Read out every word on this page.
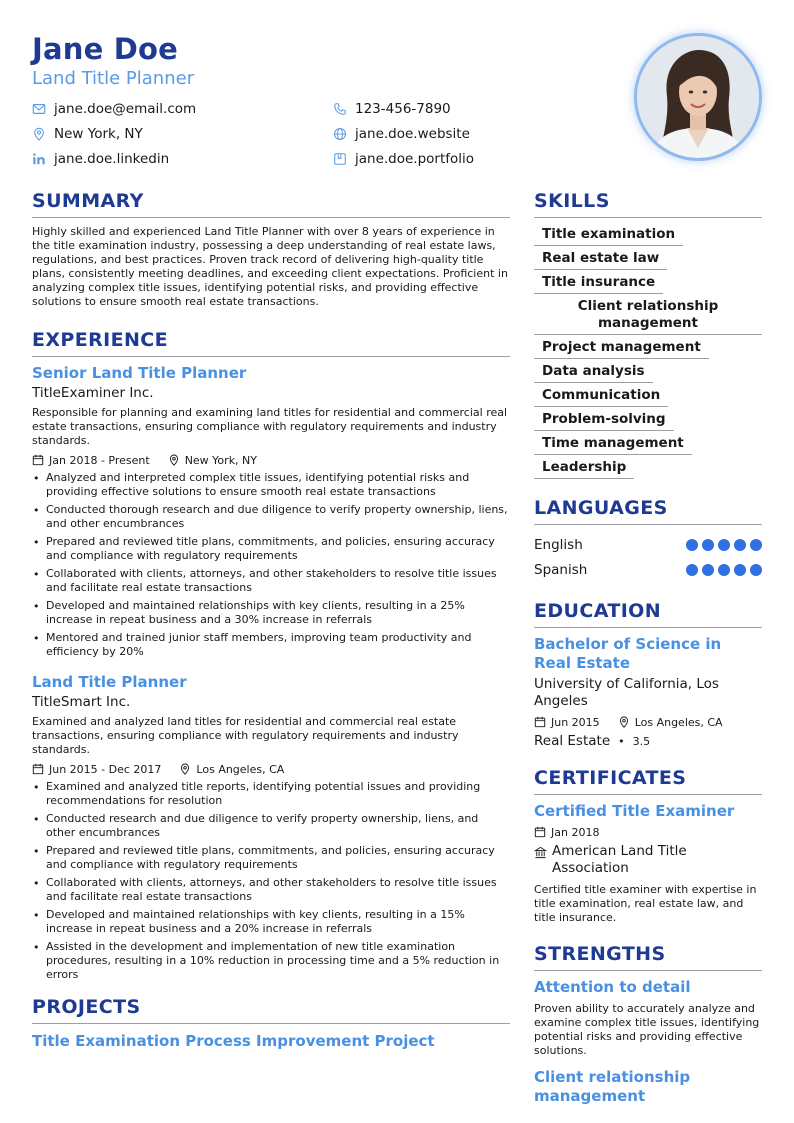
Jane Doe
Land Title Planner
jane.doe@email.com	123-456-7890
New York, NY	jane.doe.website
jane.doe.linkedin	jane.doe.portfolio
SUMMARY
Highly skilled and experienced Land Title Planner with over 8 years of experience in the title examination industry, possessing a deep understanding of real estate laws, regulations, and best practices. Proven track record of delivering high-quality title plans, consistently meeting deadlines, and exceeding client expectations. Proficient in analyzing complex title issues, identifying potential risks, and providing effective solutions to ensure smooth real estate transactions.
EXPERIENCE
Senior Land Title Planner
TitleExaminer Inc.
Responsible for planning and examining land titles for residential and commercial real estate transactions, ensuring compliance with regulatory requirements and industry standards.
Jan 2018 - Present	New York, NY
• Analyzed and interpreted complex title issues, identifying potential risks and providing effective solutions to ensure smooth real estate transactions
• Conducted thorough research and due diligence to verify property ownership, liens, and other encumbrances
• Prepared and reviewed title plans, commitments, and policies, ensuring accuracy and compliance with regulatory requirements
• Collaborated with clients, attorneys, and other stakeholders to resolve title issues and facilitate real estate transactions
• Developed and maintained relationships with key clients, resulting in a 25% increase in repeat business and a 30% increase in referrals
• Mentored and trained junior staff members, improving team productivity and efficiency by 20%
Land Title Planner
TitleSmart Inc.
Examined and analyzed land titles for residential and commercial real estate transactions, ensuring compliance with regulatory requirements and industry standards.
Jun 2015 - Dec 2017	Los Angeles, CA
• Examined and analyzed title reports, identifying potential issues and providing recommendations for resolution
• Conducted research and due diligence to verify property ownership, liens, and other encumbrances
• Prepared and reviewed title plans, commitments, and policies, ensuring accuracy and compliance with regulatory requirements
• Collaborated with clients, attorneys, and other stakeholders to resolve title issues and facilitate real estate transactions
• Developed and maintained relationships with key clients, resulting in a 15% increase in repeat business and a 20% increase in referrals
• Assisted in the development and implementation of new title examination procedures, resulting in a 10% reduction in processing time and a 5% reduction in errors
PROJECTS
Title Examination Process Improvement Project
SKILLS
Title examination
Real estate law
Title insurance
Client relationship management
Project management
Data analysis
Communication
Problem-solving
Time management
Leadership
LANGUAGES
English
Spanish
EDUCATION
Bachelor of Science in Real Estate
University of California, Los Angeles
Jun 2015	Los Angeles, CA
Real Estate • 3.5
CERTIFICATES
Certified Title Examiner
Jan 2018
American Land Title Association
Certified title examiner with expertise in title examination, real estate law, and title insurance.
STRENGTHS
Attention to detail
Proven ability to accurately analyze and examine complex title issues, identifying potential risks and providing effective solutions.
Client relationship management
